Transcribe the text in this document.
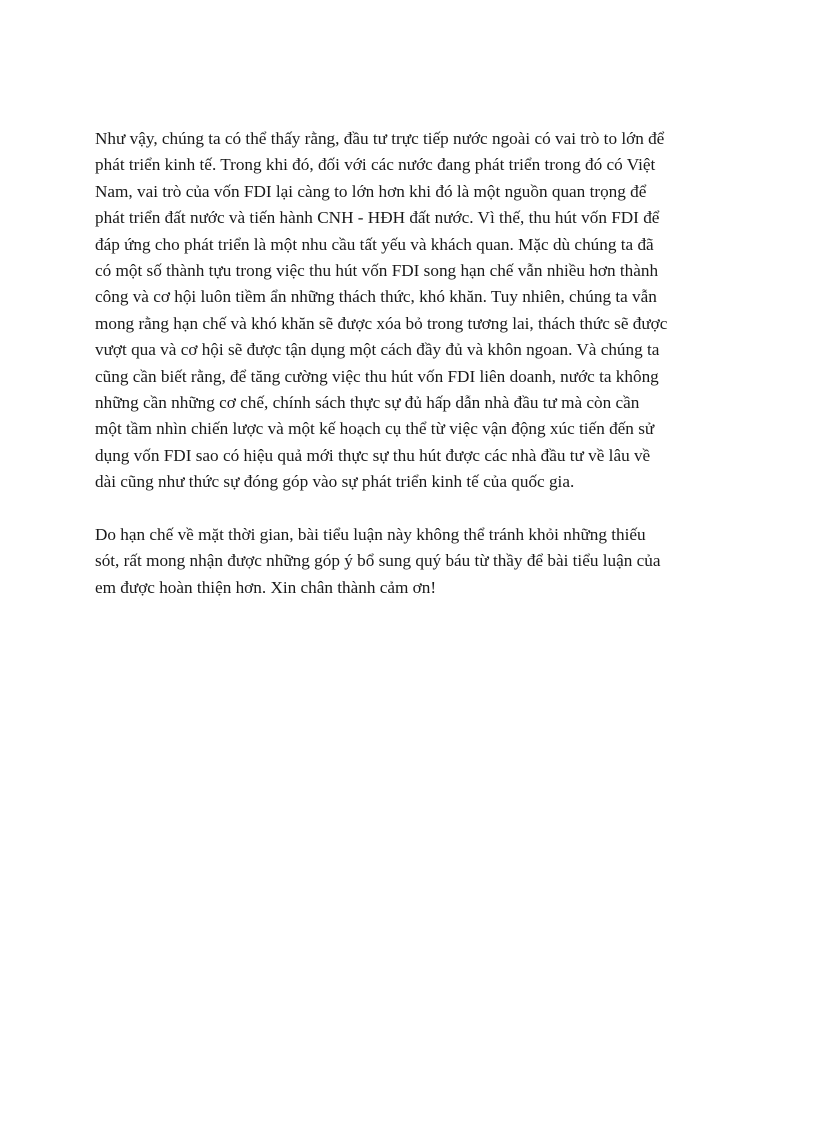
Như vậy, chúng ta có thể thấy rằng, đầu tư trực tiếp nước ngoài có vai trò to lớn để
phát triển kinh tế. Trong khi đó, đối với các nước đang phát triển trong đó có Việt
Nam, vai trò của vốn FDI lại càng to lớn hơn khi đó là một nguồn quan trọng để
phát triển đất nước và tiến hành CNH - HĐH đất nước. Vì thế, thu hút vốn FDI để
đáp ứng cho phát triển là một nhu cầu tất yếu và khách quan. Mặc dù chúng ta đã
có một số thành tựu trong việc thu hút vốn FDI song hạn chế vẫn nhiều hơn thành
công và cơ hội luôn tiềm ẩn những thách thức, khó khăn. Tuy nhiên, chúng ta vẫn
mong rằng hạn chế và khó khăn sẽ được xóa bỏ trong tương lai, thách thức sẽ được
vượt qua và cơ hội sẽ được tận dụng một cách đầy đủ và khôn ngoan. Và chúng ta
cũng cần biết rằng, để tăng cường việc thu hút vốn FDI liên doanh, nước ta không
những cần những cơ chế, chính sách thực sự đủ hấp dẫn nhà đầu tư mà còn cần
một tầm nhìn chiến lược và một kế hoạch cụ thể từ việc vận động xúc tiến đến sử
dụng vốn FDI sao có hiệu quả mới thực sự thu hút được các nhà đầu tư về lâu về
dài cũng như thức sự đóng góp vào sự phát triển kinh tế của quốc gia.

Do hạn chế về mặt thời gian, bài tiểu luận này không thể tránh khỏi những thiếu
sót, rất mong nhận được những góp ý bổ sung quý báu từ thầy để bài tiểu luận của
em được hoàn thiện hơn. Xin chân thành cảm ơn!
